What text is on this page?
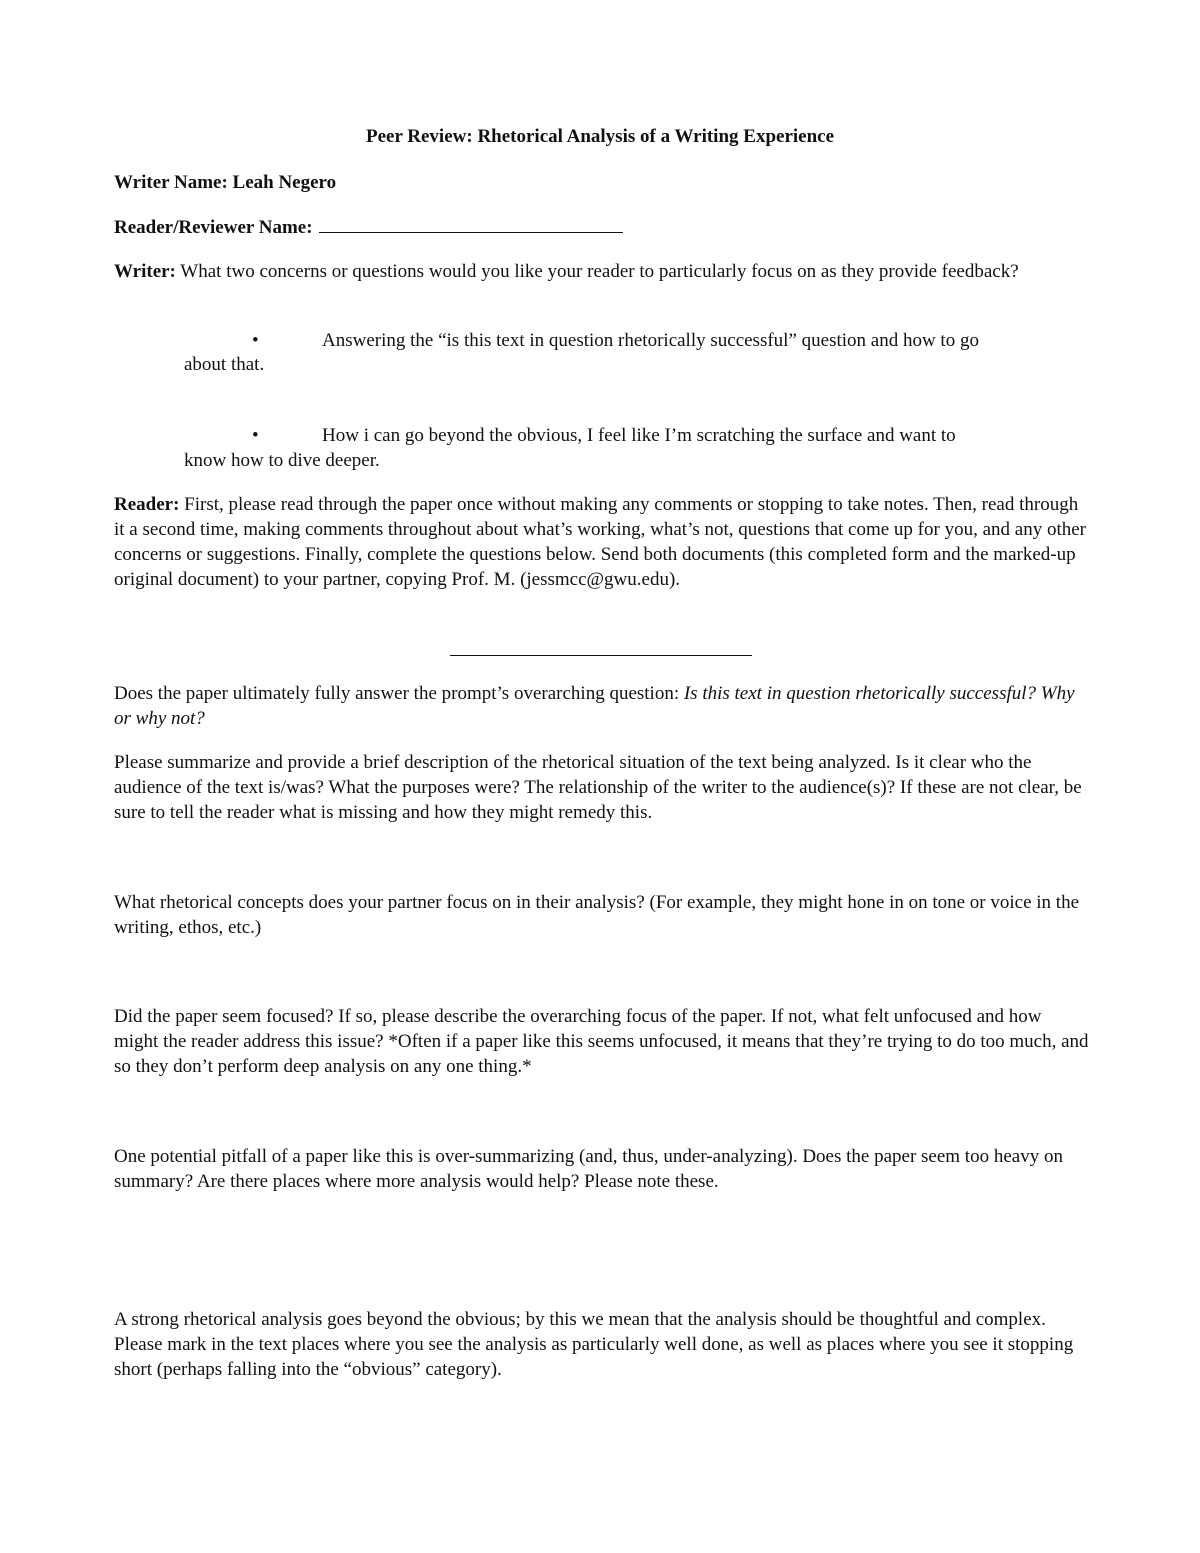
Peer Review: Rhetorical Analysis of a Writing Experience

Writer Name: Leah Negero

Reader/Reviewer Name:

Writer: What two concerns or questions would you like your reader to particularly focus on as they provide feedback?

•	Answering the “is this text in question rhetorically successful” question and how to go
about that.
•	How i can go beyond the obvious, I feel like I’m scratching the surface and want to
know how to dive deeper.

Reader: First, please read through the paper once without making any comments or stopping to take notes. Then, read through it a second time, making comments throughout about what’s working, what’s not, questions that come up for you, and any other concerns or suggestions. Finally, complete the questions below. Send both documents (this completed form and the marked-up original document) to your partner, copying Prof. M. (jessmcc@gwu.edu).

Does the paper ultimately fully answer the prompt’s overarching question: Is this text in question rhetorically successful? Why or why not?

Please summarize and provide a brief description of the rhetorical situation of the text being analyzed. Is it clear who the audience of the text is/was? What the purposes were? The relationship of the writer to the audience(s)? If these are not clear, be sure to tell the reader what is missing and how they might remedy this.

What rhetorical concepts does your partner focus on in their analysis? (For example, they might hone in on tone or voice in the writing, ethos, etc.)

Did the paper seem focused? If so, please describe the overarching focus of the paper. If not, what felt unfocused and how might the reader address this issue? *Often if a paper like this seems unfocused, it means that they’re trying to do too much, and so they don’t perform deep analysis on any one thing.*

One potential pitfall of a paper like this is over-summarizing (and, thus, under-analyzing). Does the paper seem too heavy on summary? Are there places where more analysis would help? Please note these.

A strong rhetorical analysis goes beyond the obvious; by this we mean that the analysis should be thoughtful and complex. Please mark in the text places where you see the analysis as particularly well done, as well as places where you see it stopping short (perhaps falling into the “obvious” category).
